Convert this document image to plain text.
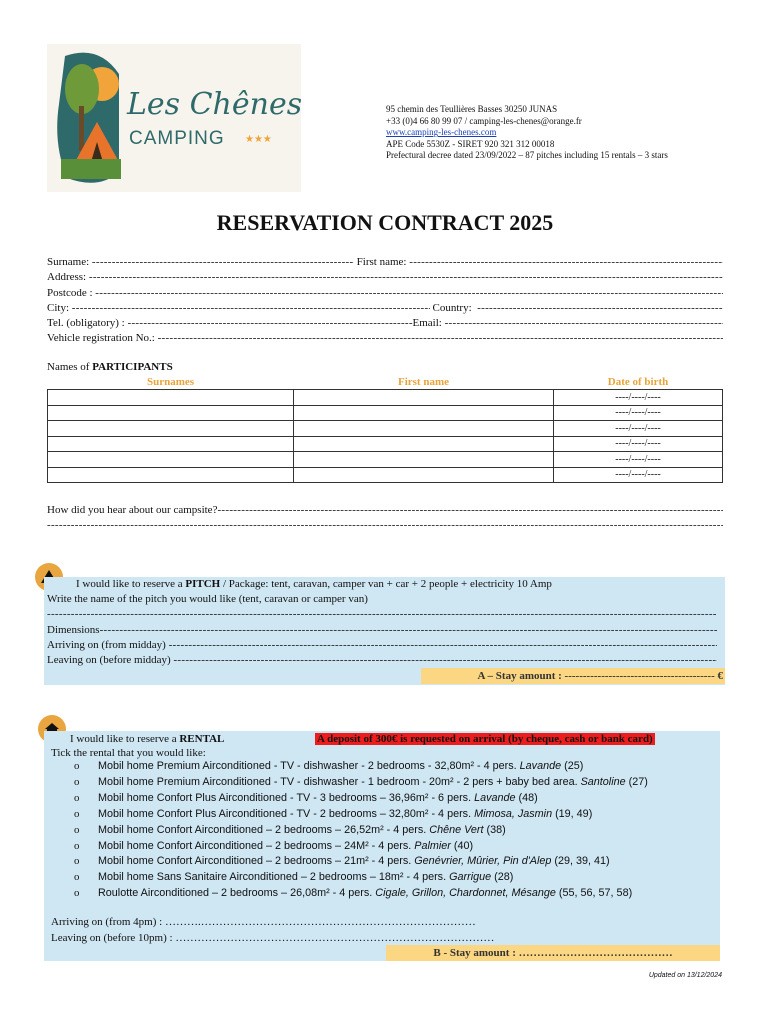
Les Chênes
CAMPING ★★★
95 chemin des Teullières Basses 30250 JUNAS
+33 (0)4 66 80 99 07 / camping-les-chenes@orange.fr
www.camping-les-chenes.com
APE Code 5530Z - SIRET 920 321 312 00018
Prefectural decree dated 23/09/2022 – 87 pitches including 15 rentals – 3 stars
RESERVATION CONTRACT 2025
Surname:
-----
	First name:

-----
Address:

-----
Postcode :

-----
City:
-----
	Country:

-----
Tel. (obligatory) :
-----	Email:

-----
Vehicle registration No.:

-----
Names of PARTICIPANTS
Surnames	First name	Date of birth
		----/----/----
		----/----/----
		----/----/----
		----/----/----
		----/----/----
		----/----/----
How did you hear about our campsite?
-----
-----
I would like to reserve a PITCH / Package: tent, caravan, camper van + car + 2 people + electricity 10 Amp
Write the name of the pitch you would like (tent, caravan or camper van)
-----
Dimensions
-----
Arriving on (from midday)

-----
Leaving on (before midday)

-----
A – Stay amount : ----------------------------------------- €
I would like to reserve a RENTAL	A deposit of 300€ is requested on arrival (by cheque, cash or bank card)
Tick the rental that you would like:
o Mobil home Premium Airconditioned - TV - dishwasher - 2 bedrooms - 32,80m² - 4 pers. Lavande (25)
o Mobil home Premium Airconditioned - TV - dishwasher - 1 bedroom - 20m² - 2 pers + baby bed area. Santoline (27)
o Mobil home Confort Plus Airconditioned - TV - 3 bedrooms – 36,96m² - 6 pers. Lavande (48)
o Mobil home Confort Plus Airconditioned - TV - 2 bedrooms – 32,80m² - 4 pers. Mimosa, Jasmin (19, 49)
o Mobil home Confort Airconditioned – 2 bedrooms – 26,52m² - 4 pers. Chêne Vert (38)
o Mobil home Confort Airconditioned – 2 bedrooms – 24M² - 4 pers. Palmier (40)
o Mobil home Confort Airconditioned – 2 bedrooms – 21m² - 4 pers. Genévrier, Mûrier, Pin d'Alep (29, 39, 41)
o Mobil home Sans Sanitaire Airconditioned – 2 bedrooms – 18m² - 4 pers. Garrigue (28)
o Roulotte Airconditioned – 2 bedrooms – 26,08m² - 4 pers. Cigale, Grillon, Chardonnet, Mésange (55, 56, 57, 58)
Arriving on (from 4pm) : ……….…………………………………………………………………
Leaving on (before 10pm) : ……………………………………………………………………………
B - Stay amount : ……………………………………
Updated on 13/12/2024
